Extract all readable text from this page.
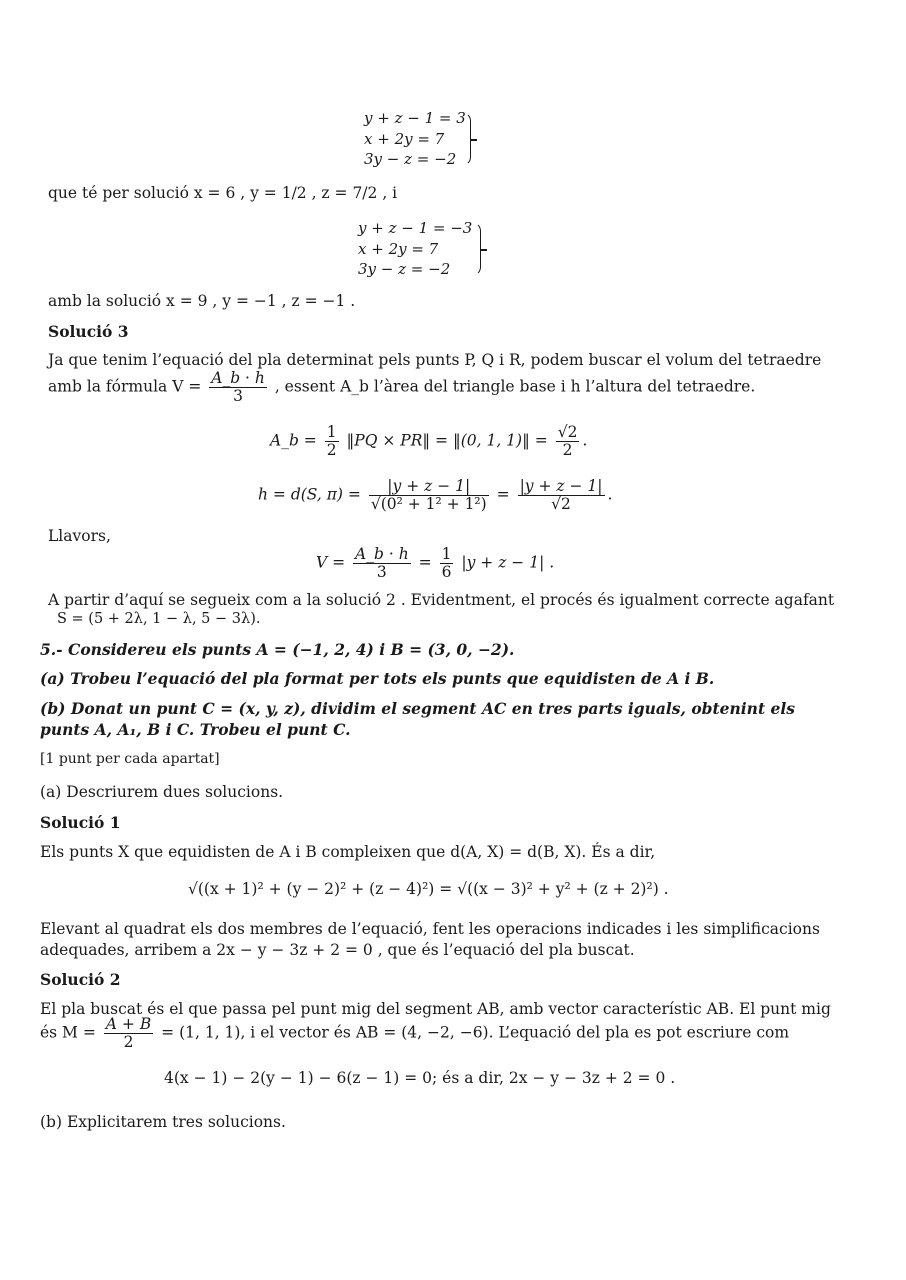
y + z − 1 = 3
x + 2y = 7
3y − z = −2
que té per solució x = 6 , y = 1/2 , z = 7/2 , i
y + z − 1 = −3
x + 2y = 7
3y − z = −2
amb la solució x = 9 , y = −1 , z = −1 .
Solució 3
Ja que tenim l’equació del pla determinat pels punts P, Q i R, podem buscar el volum del tetraedre
amb la fórmula $V = \frac{A\_b \cdot h}{3}$ , essent A_b l’àrea del triangle base i h l’altura del tetraedre.
A_b = $\frac{1}{2}$ ‖PQ × PR‖ = ‖(0, 1, 1)‖ = $\frac{√2}{2}$ .
h = d(S, $\pi) = \frac{|y + z - 1|}{\text{√(0² + 1² + 1²)}} = \frac{|y + z - 1|}{√2}$ .
Llavors,
$V = \frac{A\_b \cdot h}{3} = \frac{1}{6} |y + z - 1|$ .
A partir d’aquí se segueix com a la solució 2 . Evidentment, el procés és igualment correcte agafant
S = (5 + 2λ, 1 − λ, 5 − 3λ).
5.- Considereu els punts A = (−1, 2, 4) i B = (3, 0, −2).
(a) Trobeu l’equació del pla format per tots els punts que equidisten de A i B.
(b) Donat un punt C = (x, y, z), dividim el segment AC en tres parts iguals, obtenint els
punts A, A₁, B i C. Trobeu el punt C.
[1 punt per cada apartat]
(a) Descriurem dues solucions.
Solució 1
Els punts X que equidisten de A i B compleixen que d(A, X) = d(B, X). És a dir,
√((x + 1)² + (y − 2)² + (z − 4)²) = √((x − 3)² + y² + (z + 2)²) .
Elevant al quadrat els dos membres de l’equació, fent les operacions indicades i les simplificacions
adequades, arribem a 2x − y − 3z + 2 = 0 , que és l’equació del pla buscat.
Solució 2
El pla buscat és el que passa pel punt mig del segment AB, amb vector característic AB. El punt mig
és $M = \frac{A + B}{2} = (1$, 1, 1), i el vector és AB = (4, −2, −6). L’equació del pla es pot escriure com
4(x − 1) − 2(y − 1) − 6(z − 1) = 0; és a dir, 2x − y − 3z + 2 = 0 .
(b) Explicitarem tres solucions.
